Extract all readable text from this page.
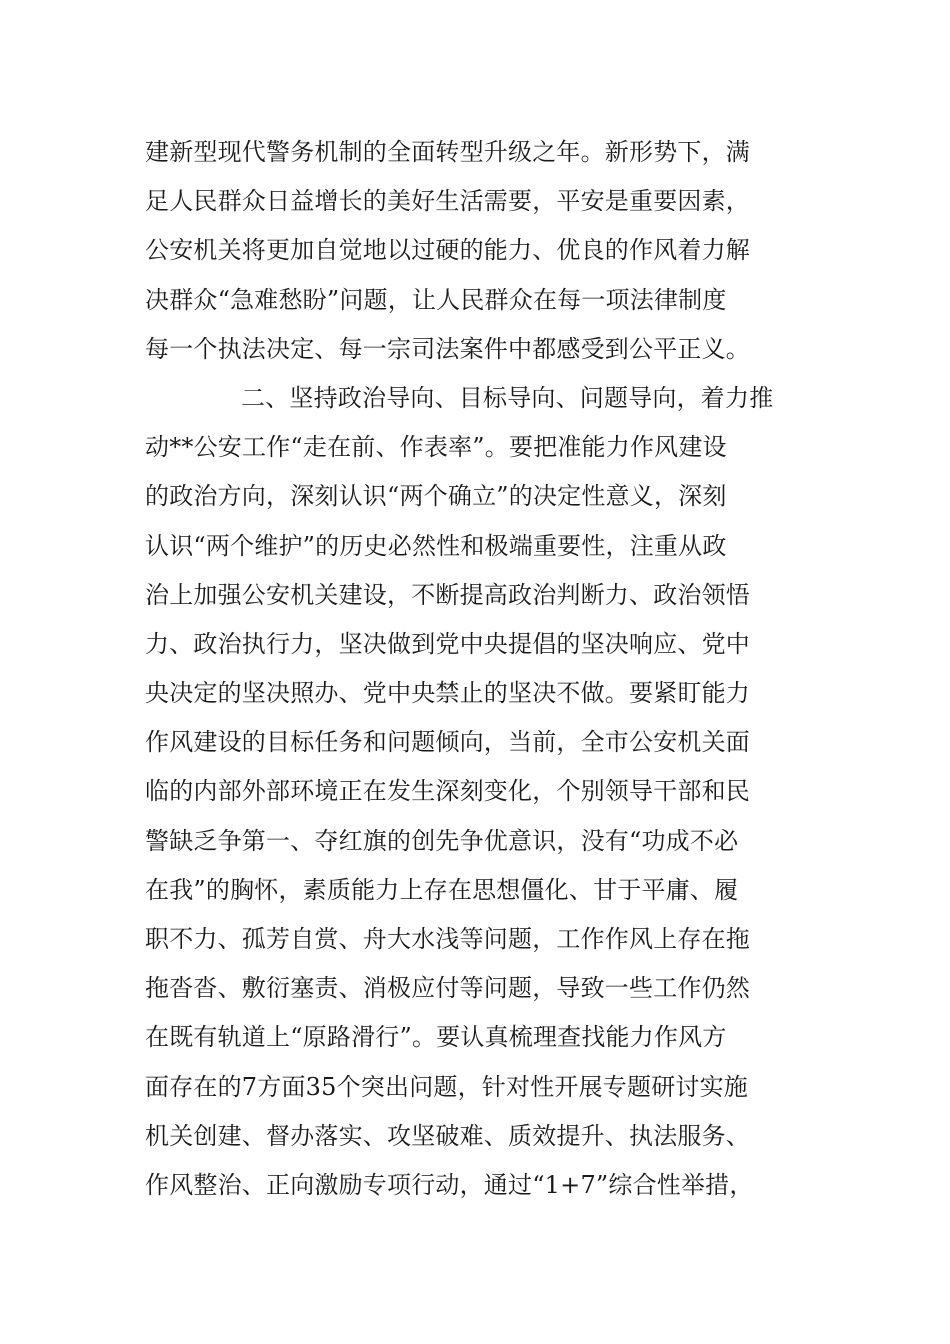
建新型现代警务机制的全面转型升级之年。新形势下，满
足人民群众日益增长的美好生活需要，平安是重要因素，
公安机关将更加自觉地以过硬的能力、优良的作风着力解
决群众“急难愁盼”问题，让人民群众在每一项法律制度
每一个执法决定、每一宗司法案件中都感受到公平正义。
二、坚持政治导向、目标导向、问题导向，着力推
动**公安工作“走在前、作表率”。要把准能力作风建设
的政治方向，深刻认识“两个确立”的决定性意义，深刻
认识“两个维护”的历史必然性和极端重要性，注重从政
治上加强公安机关建设，不断提高政治判断力、政治领悟
力、政治执行力，坚决做到党中央提倡的坚决响应、党中
央决定的坚决照办、党中央禁止的坚决不做。要紧盯能力
作风建设的目标任务和问题倾向，当前，全市公安机关面
临的内部外部环境正在发生深刻变化，个别领导干部和民
警缺乏争第一、夺红旗的创先争优意识，没有“功成不必
在我”的胸怀，素质能力上存在思想僵化、甘于平庸、履
职不力、孤芳自赏、舟大水浅等问题，工作作风上存在拖
拖沓沓、敷衍塞责、消极应付等问题，导致一些工作仍然
在既有轨道上“原路滑行”。要认真梳理查找能力作风方
面存在的7方面35个突出问题，针对性开展专题研讨实施
机关创建、督办落实、攻坚破难、质效提升、执法服务、
作风整治、正向激励专项行动，通过“1+7”综合性举措，
